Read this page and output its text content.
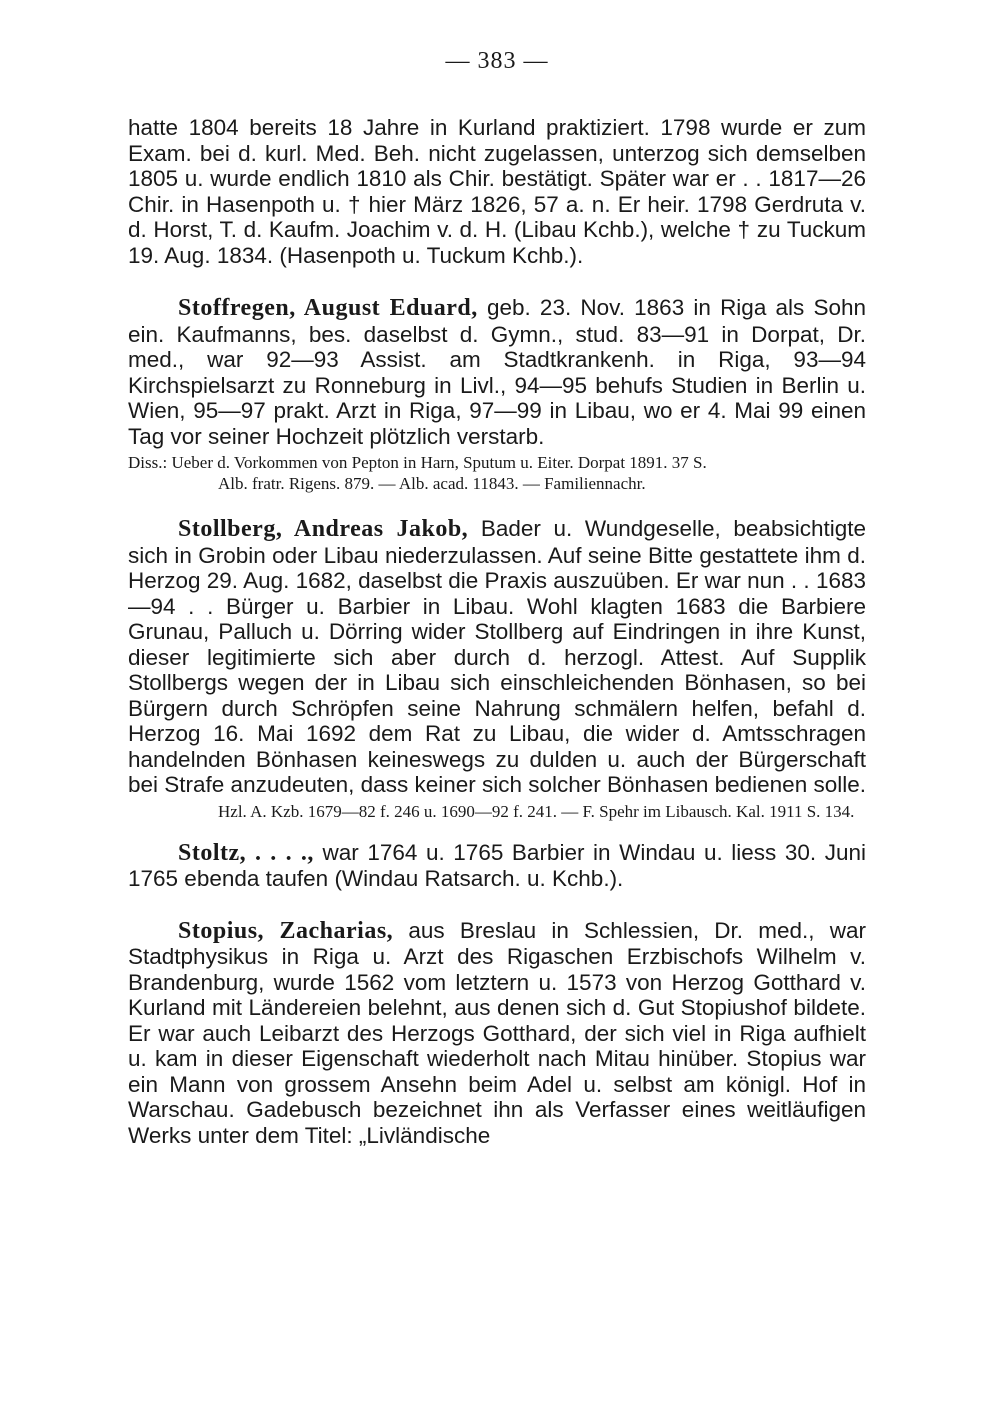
— 383 —

hatte 1804 bereits 18 Jahre in Kurland praktiziert. 1798 wurde er zum Exam. bei d. kurl. Med. Beh. nicht zugelassen, unterzog sich demselben 1805 u. wurde endlich 1810 als Chir. bestätigt. Später war er . . 1817—26 Chir. in Hasenpoth u. † hier März 1826, 57 a. n. Er heir. 1798 Gerdruta v. d. Horst, T. d. Kaufm. Joachim v. d. H. (Libau Kchb.), welche † zu Tuckum 19. Aug. 1834. (Hasenpoth u. Tuckum Kchb.).

Stoffregen, August Eduard, geb. 23. Nov. 1863 in Riga als Sohn ein. Kaufmanns, bes. daselbst d. Gymn., stud. 83—91 in Dorpat, Dr. med., war 92—93 Assist. am Stadtkrankenh. in Riga, 93—94 Kirchspielsarzt zu Ronneburg in Livl., 94—95 behufs Studien in Berlin u. Wien, 95—97 prakt. Arzt in Riga, 97—99 in Libau, wo er 4. Mai 99 einen Tag vor seiner Hochzeit plötzlich verstarb.

Diss.: Ueber d. Vorkommen von Pepton in Harn, Sputum u. Eiter. Dorpat 1891. 37 S.
Alb. fratr. Rigens. 879. — Alb. acad. 11843. — Familiennachr.

Stollberg, Andreas Jakob, Bader u. Wundgeselle, beabsichtigte sich in Grobin oder Libau niederzulassen. Auf seine Bitte gestattete ihm d. Herzog 29. Aug. 1682, daselbst die Praxis auszuüben. Er war nun . . 1683—94 . . Bürger u. Barbier in Libau. Wohl klagten 1683 die Barbiere Grunau, Palluch u. Dörring wider Stollberg auf Eindringen in ihre Kunst, dieser legitimierte sich aber durch d. herzogl. Attest. Auf Supplik Stollbergs wegen der in Libau sich einschleichenden Bönhasen, so bei Bürgern durch Schröpfen seine Nahrung schmälern helfen, befahl d. Herzog 16. Mai 1692 dem Rat zu Libau, die wider d. Amtsschragen handelnden Bönhasen keineswegs zu dulden u. auch der Bürgerschaft bei Strafe anzudeuten, dass keiner sich solcher Bönhasen bedienen solle.

Hzl. A. Kzb. 1679—82 f. 246 u. 1690—92 f. 241. — F. Spehr im Libausch. Kal. 1911 S. 134.

Stoltz, . . . ., war 1764 u. 1765 Barbier in Windau u. liess 30. Juni 1765 ebenda taufen (Windau Ratsarch. u. Kchb.).

Stopius, Zacharias, aus Breslau in Schlessien, Dr. med., war Stadtphysikus in Riga u. Arzt des Rigaschen Erzbischofs Wilhelm v. Brandenburg, wurde 1562 vom letztern u. 1573 von Herzog Gotthard v. Kurland mit Ländereien belehnt, aus denen sich d. Gut Stopiushof bildete. Er war auch Leibarzt des Herzogs Gotthard, der sich viel in Riga aufhielt u. kam in dieser Eigenschaft wiederholt nach Mitau hinüber. Stopius war ein Mann von grossem Ansehn beim Adel u. selbst am königl. Hof in Warschau. Gadebusch bezeichnet ihn als Verfasser eines weitläufigen Werks unter dem Titel: „Livländische
